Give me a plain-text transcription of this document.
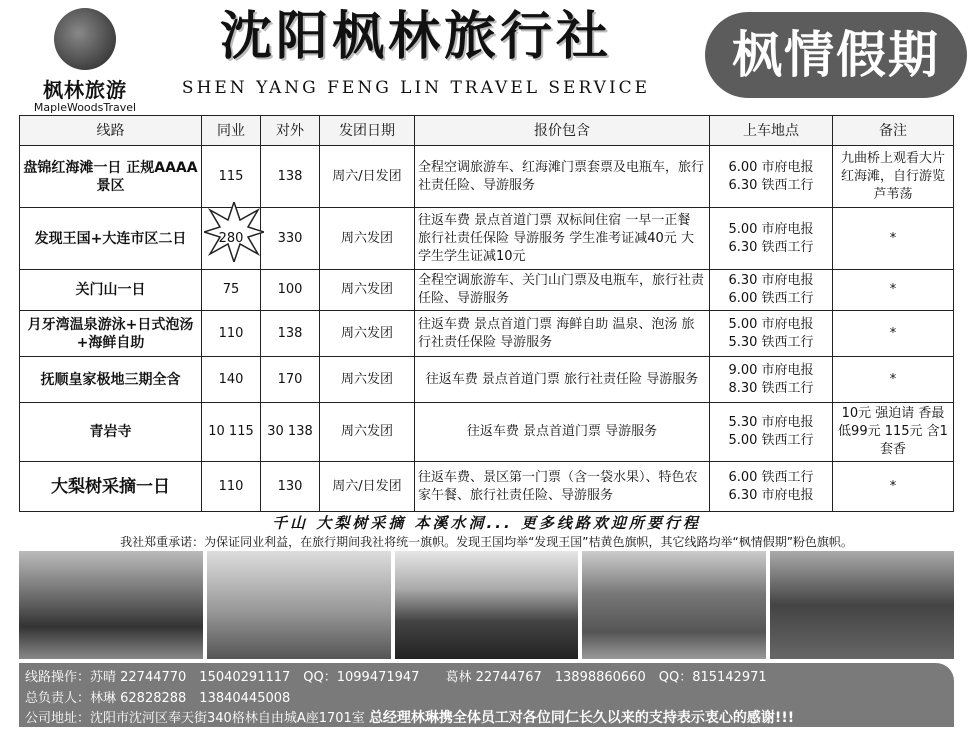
枫林旅游
MapleWoodsTravel
沈阳枫林旅行社
SHEN YANG FENG LIN TRAVEL SERVICE
枫情假期
线路	同业	对外	发团日期	报价包含	上车地点	备注
盘锦红海滩一日 正规AAAA景区	115	138	周六/日发团	全程空调旅游车、红海滩门票套票及电瓶车，旅行社责任险、导游服务	6.00 市府电报 6.30 铁西工行	九曲桥上观看大片红海滩，自行游览芦苇荡
发现王国+大连市区二日	280	330	周六发团	往返车费 景点首道门票 双标间住宿 一早一正餐 旅行社责任保险 导游服务 学生准考证减40元 大学生学生证减10元	5.00 市府电报 6.30 铁西工行	*
关门山一日	75	100	周六发团	全程空调旅游车、关门山门票及电瓶车，旅行社责任险、导游服务	6.30 市府电报 6.00 铁西工行	*
月牙湾温泉游泳+日式泡汤+海鲜自助	110	138	周六发团	往返车费 景点首道门票 海鲜自助 温泉、泡汤 旅行社责任保险 导游服务	5.00 市府电报 5.30 铁西工行	*
抚顺皇家极地三期全含	140	170	周六发团	往返车费 景点首道门票 旅行社责任险 导游服务	9.00 市府电报 8.30 铁西工行	*
青岩寺	10 115	30 138	周六发团	往返车费 景点首道门票 导游服务	5.30 市府电报 5.00 铁西工行	10元 强迫请 香最低99元 115元 含1套香
大梨树采摘一日	110	130	周六/日发团	往返车费、景区第一门票（含一袋水果）、特色农家午餐、旅行社责任险、导游服务	6.00 铁西工行 6.30 市府电报	*
千山 大梨树采摘 本溪水洞... 更多线路欢迎所要行程
我社郑重承诺：为保证同业利益，在旅行期间我社将统一旗帜。发现王国均举“发现王国”桔黄色旗帜，其它线路均举“枫情假期”粉色旗帜。
线路操作：苏晴 22744770　15040291117　QQ：1099471947　　葛林 22744767　13898860660　QQ：815142971
总负责人：林琳 62828288　13840445008
公司地址：沈阳市沈河区奉天街340格林自由城A座1701室 总经理林琳携全体员工对各位同仁长久以来的支持表示衷心的感谢!!!
